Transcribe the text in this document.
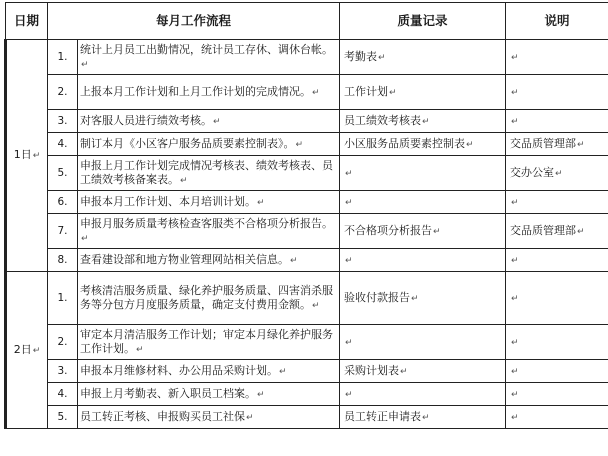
日期	每月工作流程		质量记录	说明
1日↵	1.	统计上月员工出勤情况，统计员工存休、调休台帐。↵	考勤表↵	↵
	2.	上报本月工作计划和上月工作计划的完成情况。↵	工作计划↵	↵
	3.	对客服人员进行绩效考核。↵	员工绩效考核表↵	↵
	4.	制订本月《小区客户服务品质要素控制表》。↵	小区服务品质要素控制表↵	交品质管理部↵
	5.	申报上月工作计划完成情况考核表、绩效考核表、员工绩效考核备案表。↵	↵	交办公室↵
	6.	申报本月工作计划、本月培训计划。↵	↵	↵
	7.	申报月服务质量考核检查客服类不合格项分析报告。↵	不合格项分析报告↵	交品质管理部↵
	8.	查看建设部和地方物业管理网站相关信息。↵	↵	↵
2日↵	1.	考核清洁服务质量、绿化养护服务质量、四害消杀服务等分包方月度服务质量，确定支付费用金额。↵	验收付款报告↵	↵
	2.	审定本月清洁服务工作计划；审定本月绿化养护服务工作计划。↵	↵	↵
	3.	申报本月维修材料、办公用品采购计划。↵	采购计划表↵	↵
	4.	申报上月考勤表、新入职员工档案。↵	↵	↵
	5.	员工转正考核、申报购买员工社保↵	员工转正申请表↵	↵
